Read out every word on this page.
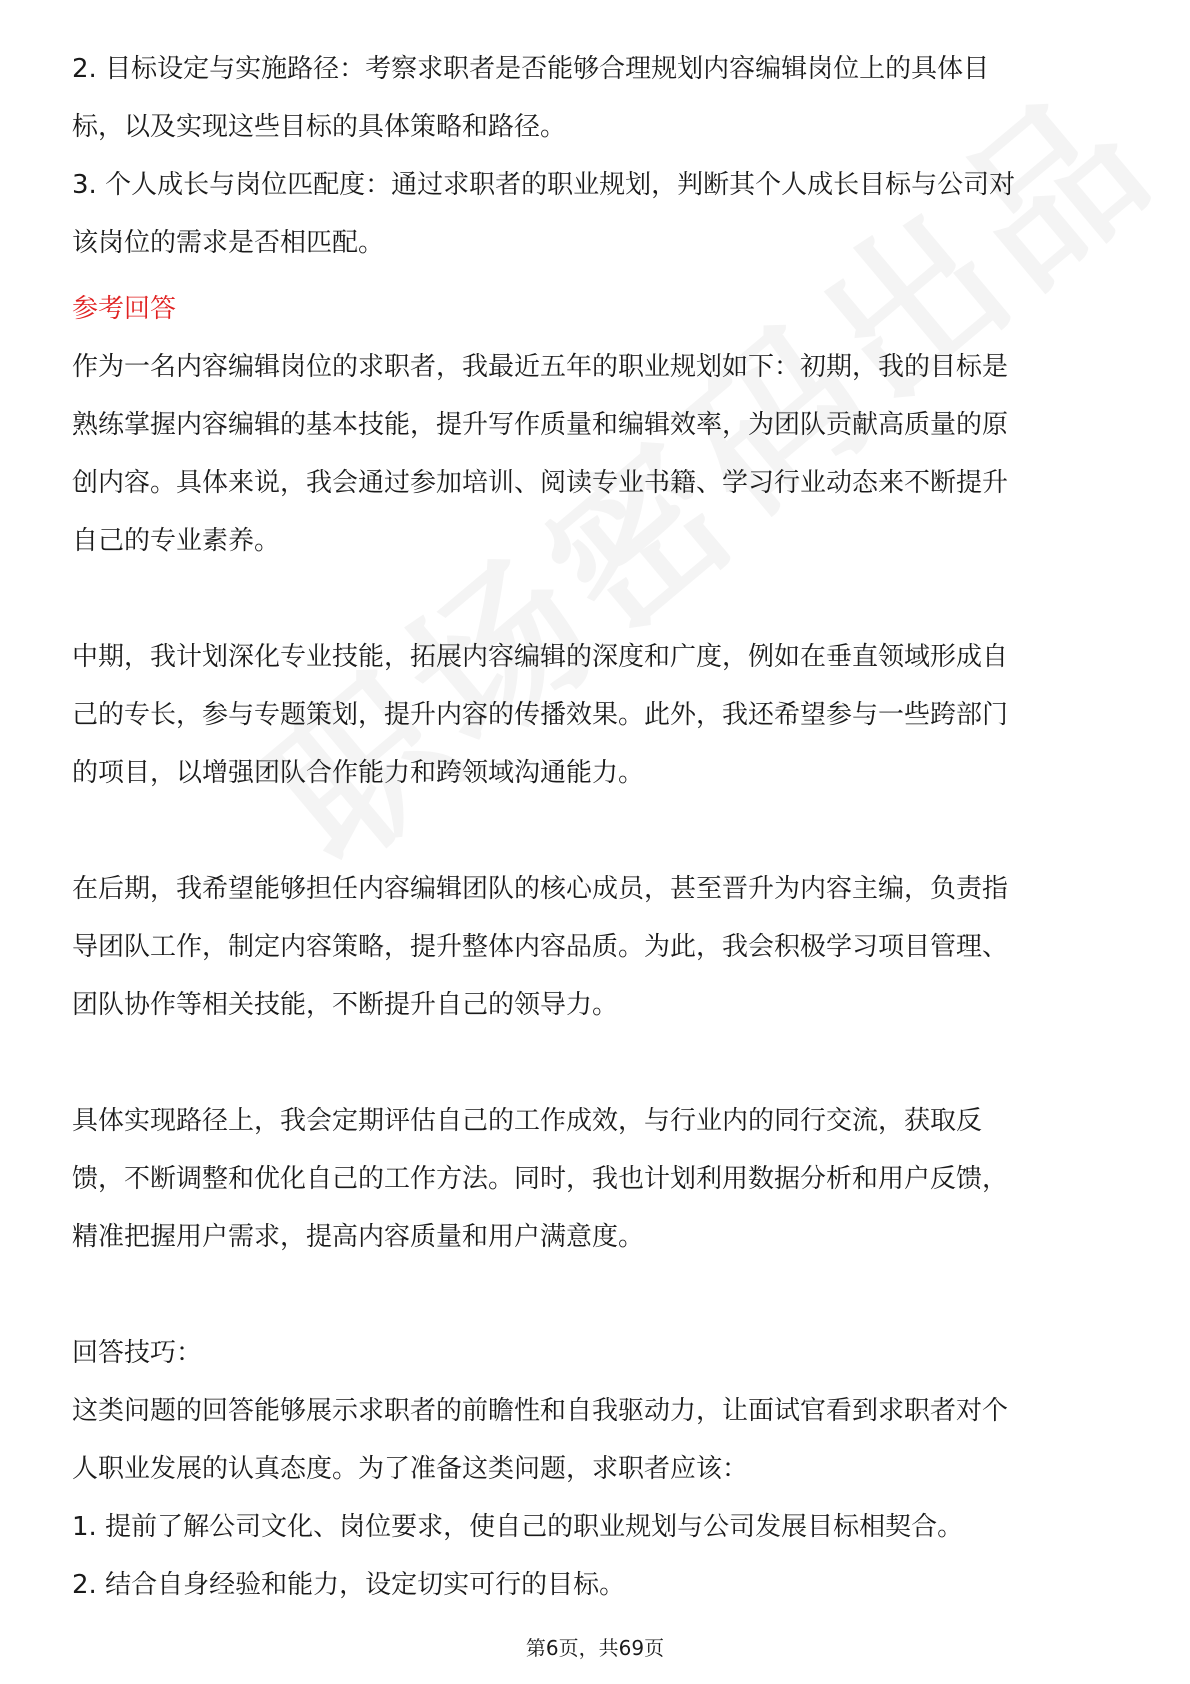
2. 目标设定与实施路径：考察求职者是否能够合理规划内容编辑岗位上的具体目
标，以及实现这些目标的具体策略和路径。
3. 个人成长与岗位匹配度：通过求职者的职业规划，判断其个人成长目标与公司对
该岗位的需求是否相匹配。
参考回答
作为一名内容编辑岗位的求职者，我最近五年的职业规划如下：初期，我的目标是
熟练掌握内容编辑的基本技能，提升写作质量和编辑效率，为团队贡献高质量的原
创内容。具体来说，我会通过参加培训、阅读专业书籍、学习行业动态来不断提升
自己的专业素养。
中期，我计划深化专业技能，拓展内容编辑的深度和广度，例如在垂直领域形成自
己的专长，参与专题策划，提升内容的传播效果。此外，我还希望参与一些跨部门
的项目，以增强团队合作能力和跨领域沟通能力。
在后期，我希望能够担任内容编辑团队的核心成员，甚至晋升为内容主编，负责指
导团队工作，制定内容策略，提升整体内容品质。为此，我会积极学习项目管理、
团队协作等相关技能，不断提升自己的领导力。
具体实现路径上，我会定期评估自己的工作成效，与行业内的同行交流，获取反
馈，不断调整和优化自己的工作方法。同时，我也计划利用数据分析和用户反馈，
精准把握用户需求，提高内容质量和用户满意度。
回答技巧：
这类问题的回答能够展示求职者的前瞻性和自我驱动力，让面试官看到求职者对个
人职业发展的认真态度。为了准备这类问题，求职者应该：
1. 提前了解公司文化、岗位要求，使自己的职业规划与公司发展目标相契合。
2. 结合自身经验和能力，设定切实可行的目标。
第6页，共69页
